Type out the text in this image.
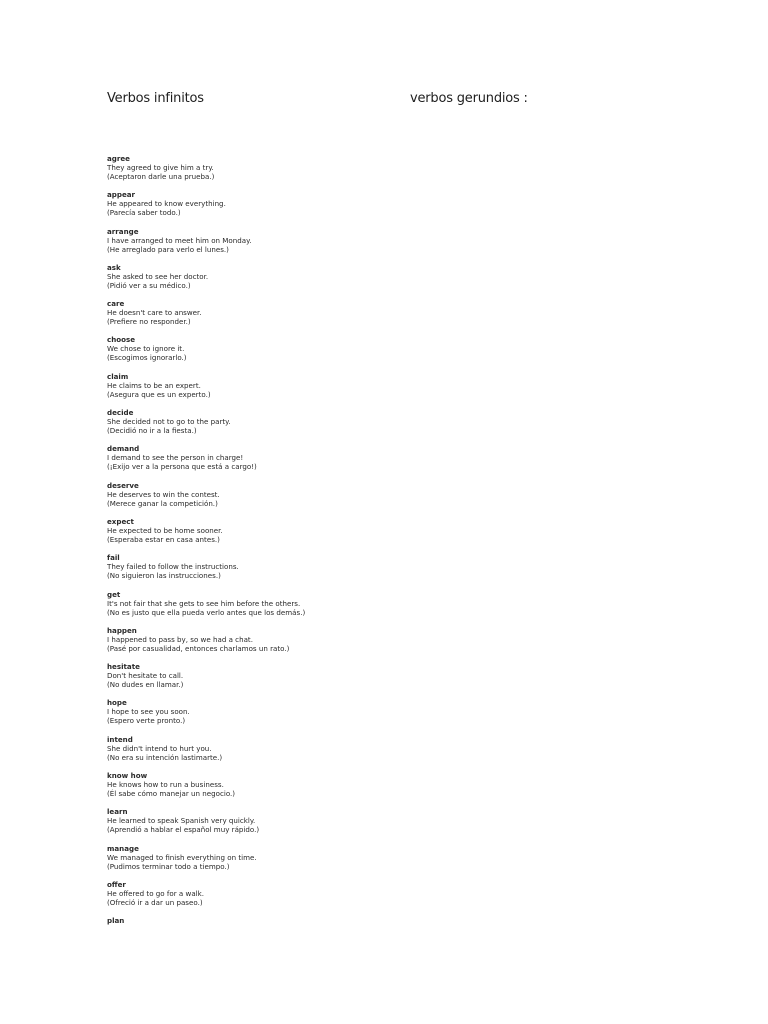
Verbos infinitos	verbos gerundios :
agree
They agreed to give him a try.
(Aceptaron darle una prueba.)
appear
He appeared to know everything.
(Parecía saber todo.)
arrange
I have arranged to meet him on Monday.
(He arreglado para verlo el lunes.)
ask
She asked to see her doctor.
(Pidió ver a su médico.)
care
He doesn't care to answer.
(Prefiere no responder.)
choose
We chose to ignore it.
(Escogimos ignorarlo.)
claim
He claims to be an expert.
(Asegura que es un experto.)
decide
She decided not to go to the party.
(Decidió no ir a la fiesta.)
demand
I demand to see the person in charge!
(¡Exijo ver a la persona que está a cargo!)
deserve
He deserves to win the contest.
(Merece ganar la competición.)
expect
He expected to be home sooner.
(Esperaba estar en casa antes.)
fail
They failed to follow the instructions.
(No siguieron las instrucciones.)
get
It's not fair that she gets to see him before the others.
(No es justo que ella pueda verlo antes que los demás.)
happen
I happened to pass by, so we had a chat.
(Pasé por casualidad, entonces charlamos un rato.)
hesitate
Don't hesitate to call.
(No dudes en llamar.)
hope
I hope to see you soon.
(Espero verte pronto.)
intend
She didn't intend to hurt you.
(No era su intención lastimarte.)
know how
He knows how to run a business.
(Él sabe cómo manejar un negocio.)
learn
He learned to speak Spanish very quickly.
(Aprendió a hablar el español muy rápido.)
manage
We managed to finish everything on time.
(Pudimos terminar todo a tiempo.)
offer
He offered to go for a walk.
(Ofreció ir a dar un paseo.)
plan
